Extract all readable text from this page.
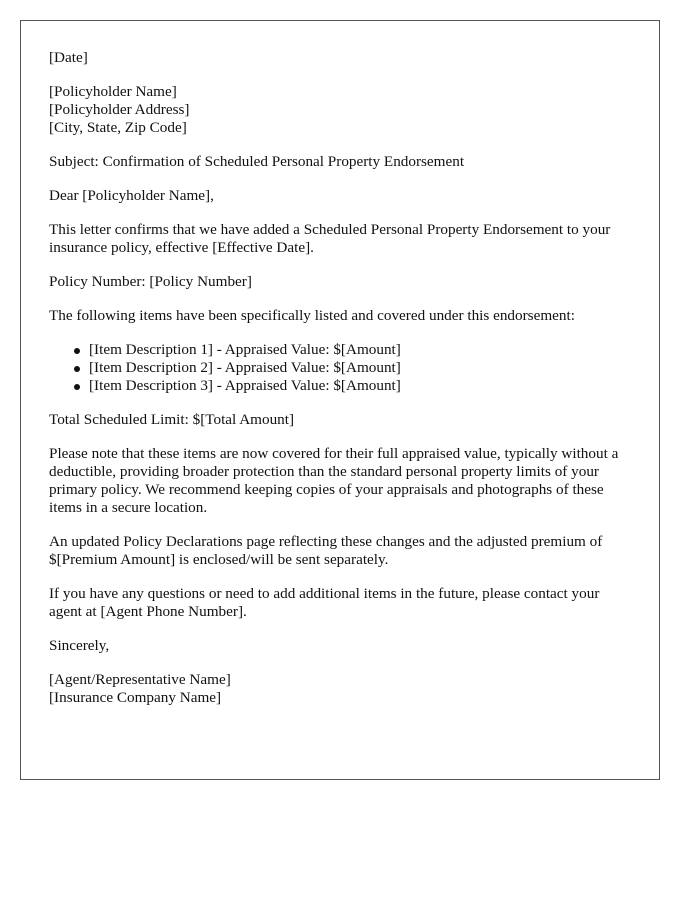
[Date]

[Policyholder Name]
[Policyholder Address]
[City, State, Zip Code]

Subject: Confirmation of Scheduled Personal Property Endorsement

Dear [Policyholder Name],

This letter confirms that we have added a Scheduled Personal Property Endorsement to your insurance policy, effective [Effective Date].

Policy Number: [Policy Number]

The following items have been specifically listed and covered under this endorsement:

[Item Description 1] - Appraised Value: $[Amount]
[Item Description 2] - Appraised Value: $[Amount]
[Item Description 3] - Appraised Value: $[Amount]

Total Scheduled Limit: $[Total Amount]

Please note that these items are now covered for their full appraised value, typically without a deductible, providing broader protection than the standard personal property limits of your primary policy. We recommend keeping copies of your appraisals and photographs of these items in a secure location.

An updated Policy Declarations page reflecting these changes and the adjusted premium of $[Premium Amount] is enclosed/will be sent separately.

If you have any questions or need to add additional items in the future, please contact your agent at [Agent Phone Number].

Sincerely,

[Agent/Representative Name]
[Insurance Company Name]
